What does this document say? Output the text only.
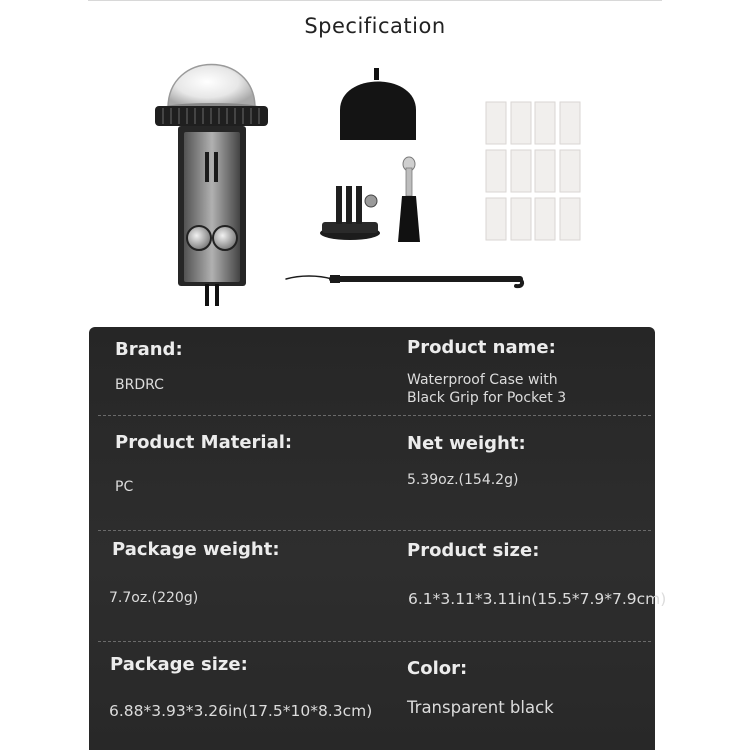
Specification
Brand:
BRDRC
Product name:
Waterproof Case with
Black Grip for Pocket 3
Product Material:
PC
Net weight:
5.39oz.(154.2g)
Package weight:
7.7oz.(220g)
Product size:
6.1*3.11*3.11in(15.5*7.9*7.9cm)
Package size:
6.88*3.93*3.26in(17.5*10*8.3cm)
Color:
Transparent black
